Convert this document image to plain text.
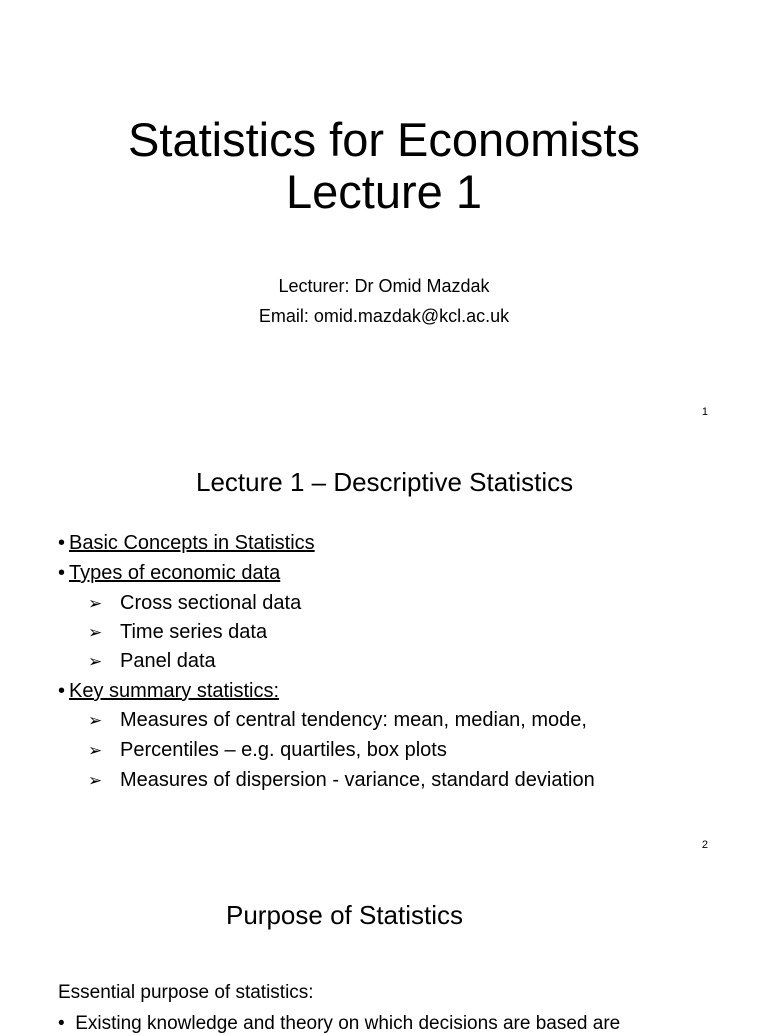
Statistics for Economists
Lecture 1
Lecturer: Dr Omid Mazdak
Email: omid.mazdak@kcl.ac.uk
1
Lecture 1 – Descriptive Statistics
• Basic Concepts in Statistics
• Types of economic data
➢ Cross sectional data
➢ Time series data
➢ Panel data
• Key summary statistics:
➢ Measures of central tendency: mean, median, mode,
➢ Percentiles – e.g. quartiles, box plots
➢ Measures of dispersion - variance, standard deviation
2
Purpose of Statistics
Essential purpose of statistics:
• Existing knowledge and theory on which decisions are based are
